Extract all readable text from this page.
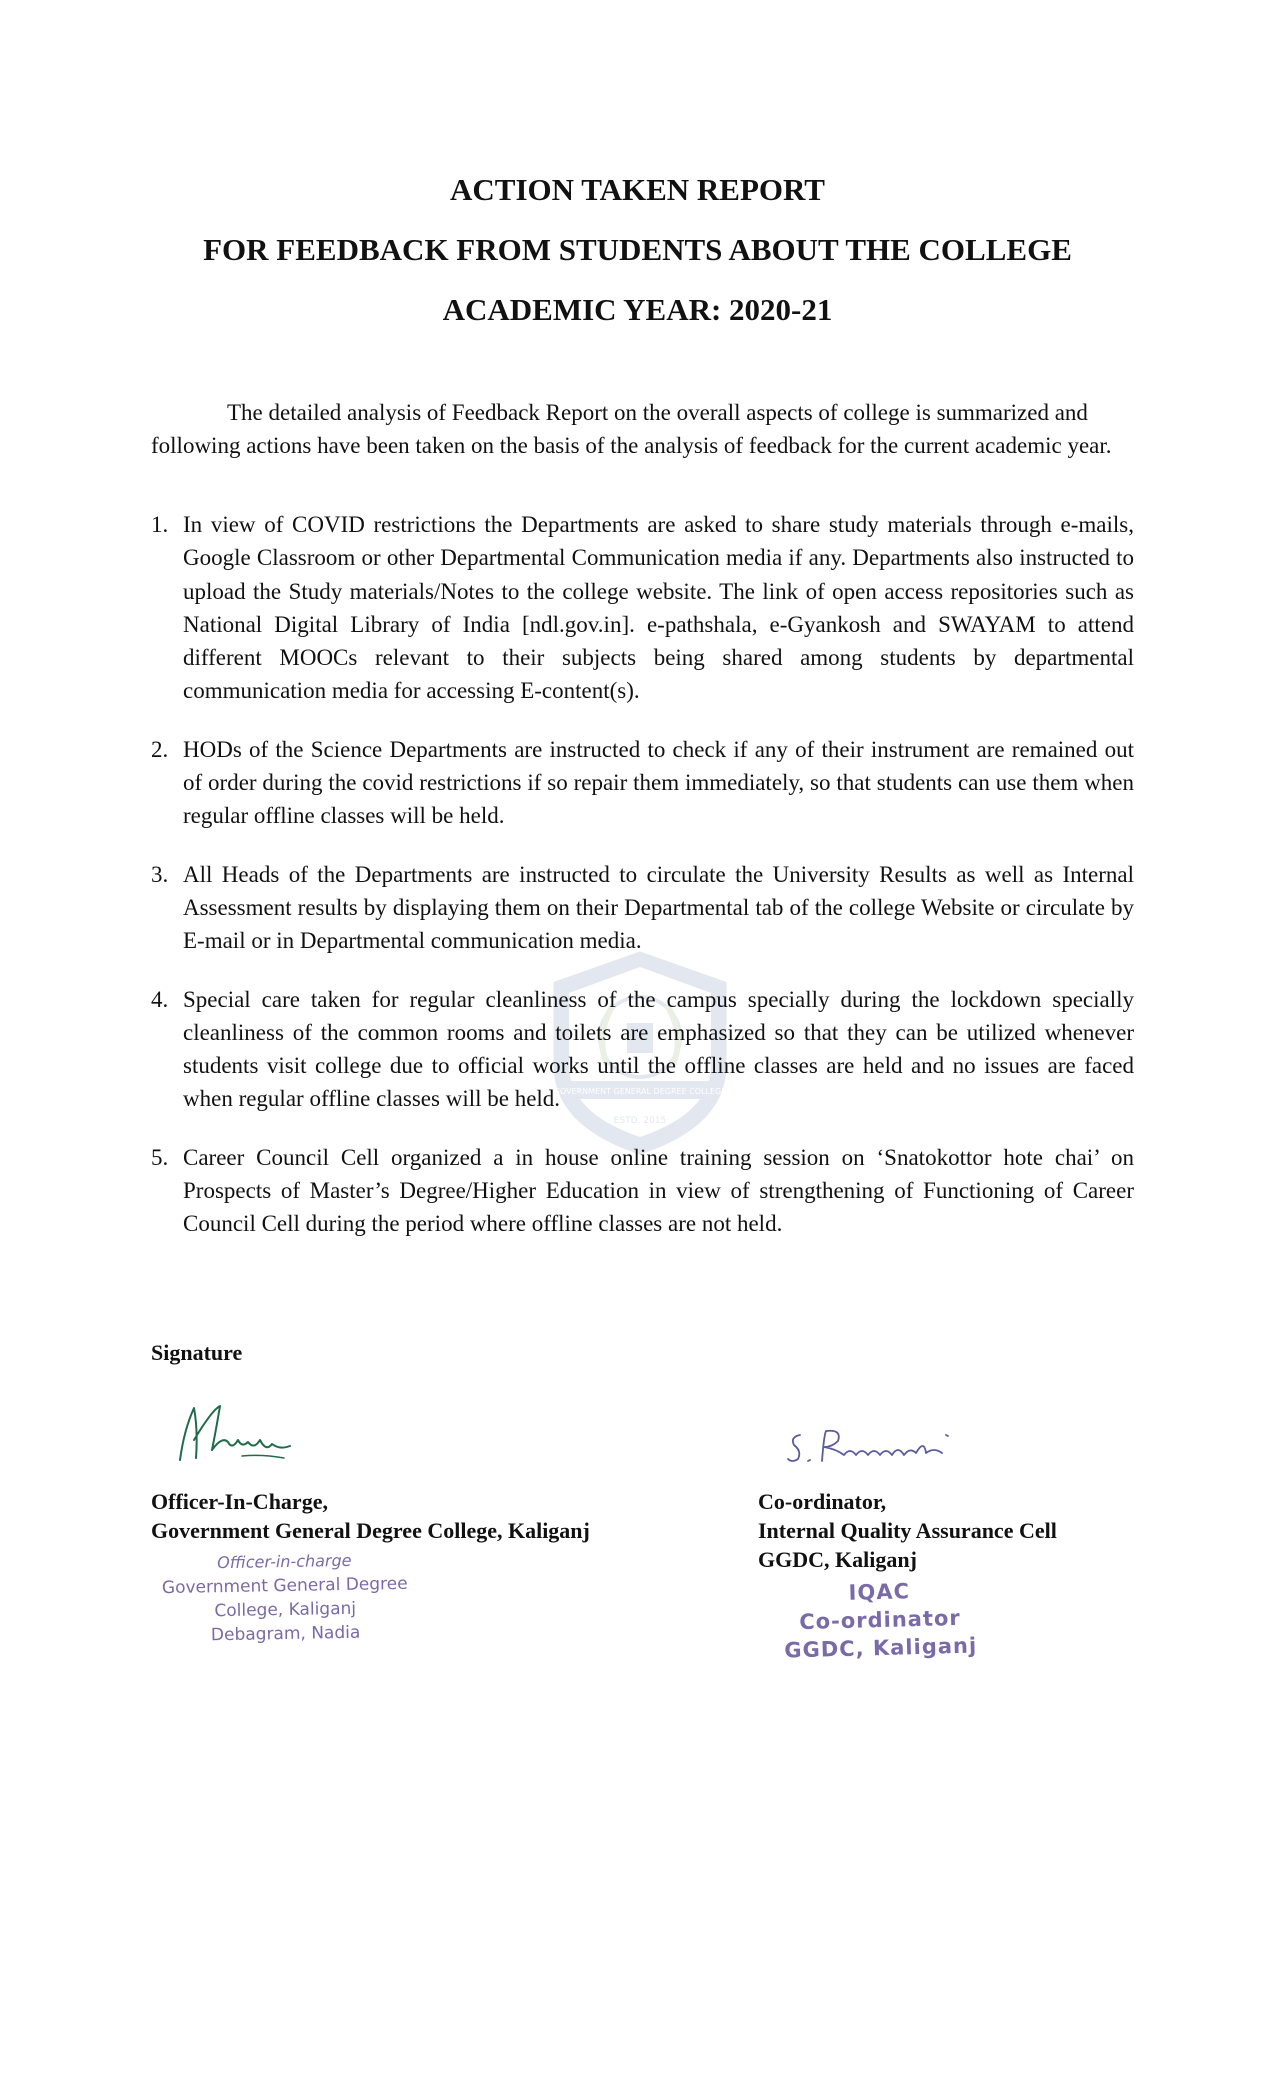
ACTION TAKEN REPORT

FOR FEEDBACK FROM STUDENTS ABOUT THE COLLEGE

ACADEMIC YEAR: 2020-21

The detailed analysis of Feedback Report on the overall aspects of college is summarized and following actions have been taken on the basis of the analysis of feedback for the current academic year.

GOVERNMENT GENERAL DEGREE COLLEGE
ESTD. 2015
1. In view of COVID restrictions the Departments are asked to share study materials through e-mails, Google Classroom or other Departmental Communication media if any. Departments also instructed to upload the Study materials/Notes to the college website. The link of open access repositories such as National Digital Library of India [ndl.gov.in]. e-pathshala, e-Gyankosh and SWAYAM to attend different MOOCs relevant to their subjects being shared among students by departmental communication media for accessing E-content(s).
2. HODs of the Science Departments are instructed to check if any of their instrument are remained out of order during the covid restrictions if so repair them immediately, so that students can use them when regular offline classes will be held.
3. All Heads of the Departments are instructed to circulate the University Results as well as Internal Assessment results by displaying them on their Departmental tab of the college Website or circulate by E-mail or in Departmental communication media.
4. Special care taken for regular cleanliness of the campus specially during the lockdown specially cleanliness of the common rooms and toilets are emphasized so that they can be utilized whenever students visit college due to official works until the offline classes are held and no issues are faced when regular offline classes will be held.
5. Career Council Cell organized a in house online training session on ‘Snatokottor hote chai’ on Prospects of Master’s Degree/Higher Education in view of strengthening of Functioning of Career Council Cell during the period where offline classes are not held.

Signature

Officer-In-Charge,
Government General Degree College, Kaliganj
Co-ordinator,
Internal Quality Assurance Cell
GGDC, Kaliganj
Officer-in-charge
Government General Degree
College, Kaliganj
Debagram, Nadia
IQAC
Co-ordinator
GGDC, Kaliganj
